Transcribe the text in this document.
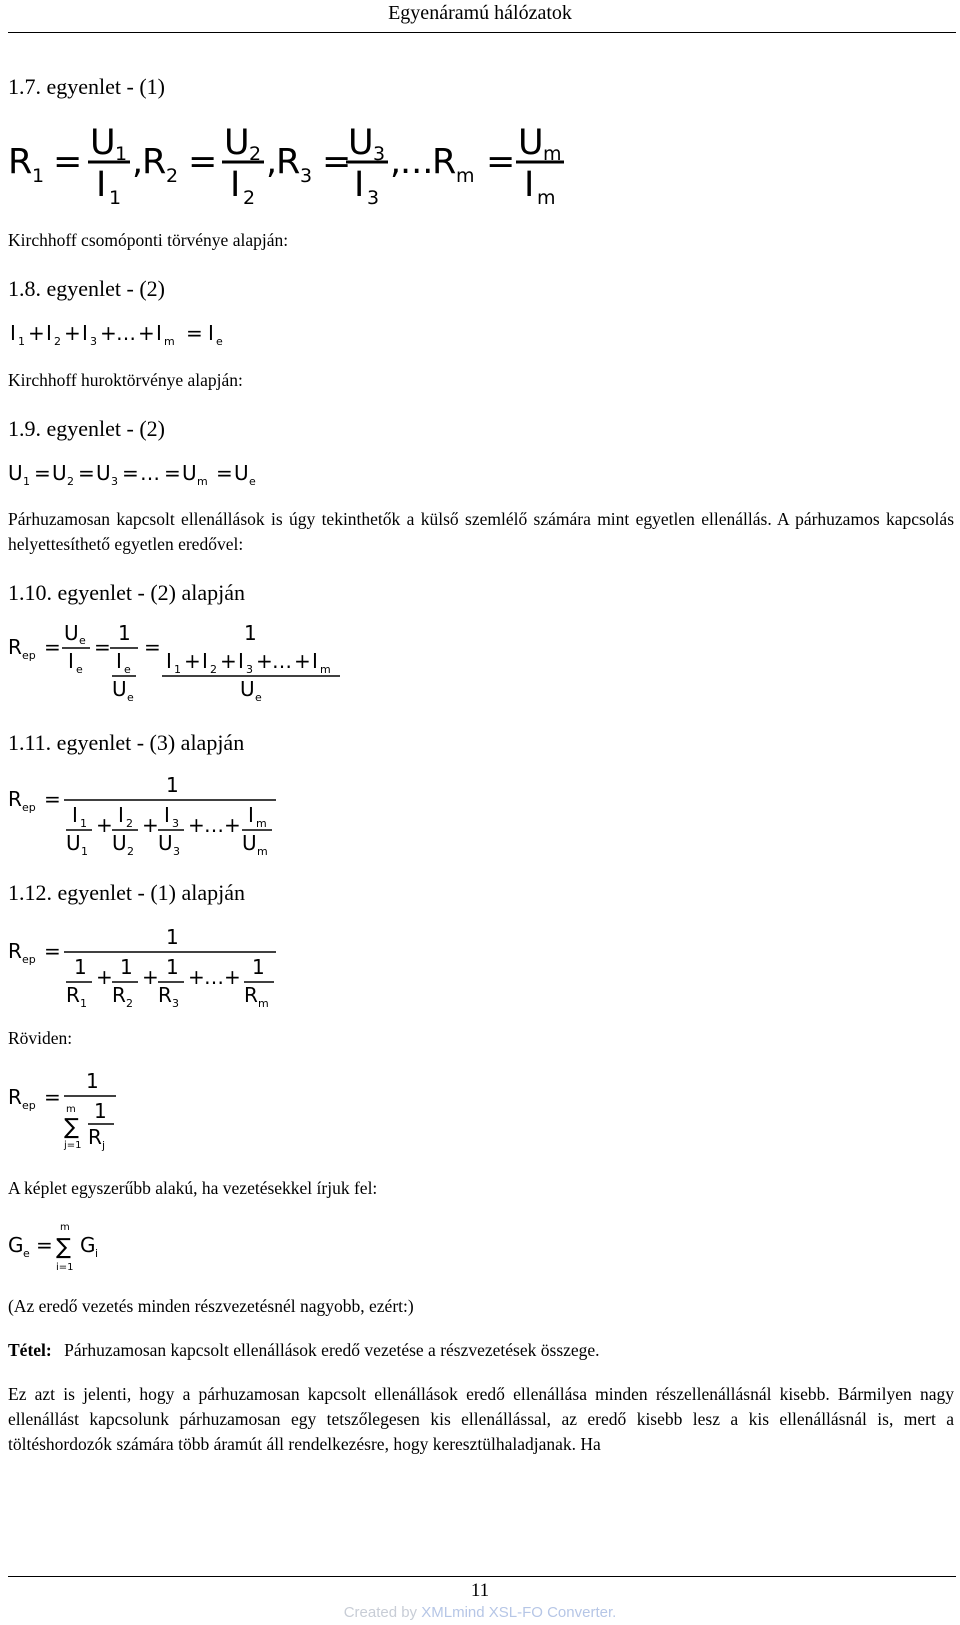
Egyenáramú hálózatok
1.7. egyenlet - (1)
R 1 = U 1
I 1
,
R 2 = U 2
I 2
,
R 3 =
U 3
I 3
,
...
R m = U m
I m
Kirchhoff csomóponti törvénye alapján:
1.8. egyenlet - (2)
I 1 + I 2 + I 3 + … + I m = I e
Kirchhoff huroktörvénye alapján:
1.9. egyenlet - (2)
U 1 = U 2 = U 3 = … = U m = U e
Párhuzamosan kapcsolt ellenállások is úgy tekinthetők a külső szemlélő számára mint egyetlen ellenállás. A párhuzamos kapcsolás helyettesíthető egyetlen eredővel:
1.10. egyenlet - (2) alapján
R ep =
U e
I e
=
1
I e
U e
=
1
I 1 + I 2 + I 3 + … + I m
U e
1.11. egyenlet - (3) alapján
R ep =
1
I 1
U 1
+ I 2
U 2
+ I 3
U 3
+ … + I m
U m
1.12. egyenlet - (1) alapján
R ep =
1
1
R 1
+ 1
R 2
+ 1
R 3
+ … + 1
R m
Röviden:
R ep =
1
m
∑
j=1
1
R j
A képlet egyszerűbb alakú, ha vezetésekkel írjuk fel:
G e =
m
∑
i=1
G i
(Az eredő vezetés minden részvezetésnél nagyobb, ezért:)
Tétel: Párhuzamosan kapcsolt ellenállások eredő vezetése a részvezetések összege.
Ez azt is jelenti, hogy a párhuzamosan kapcsolt ellenállások eredő ellenállása minden részellenállásnál kisebb. Bármilyen nagy ellenállást kapcsolunk párhuzamosan egy tetszőlegesen kis ellenállással, az eredő kisebb lesz a kis ellenállásnál is, mert a töltéshordozók számára több áramút áll rendelkezésre, hogy keresztülhaladjanak. Ha
11
Created by XMLmind XSL-FO Converter.
